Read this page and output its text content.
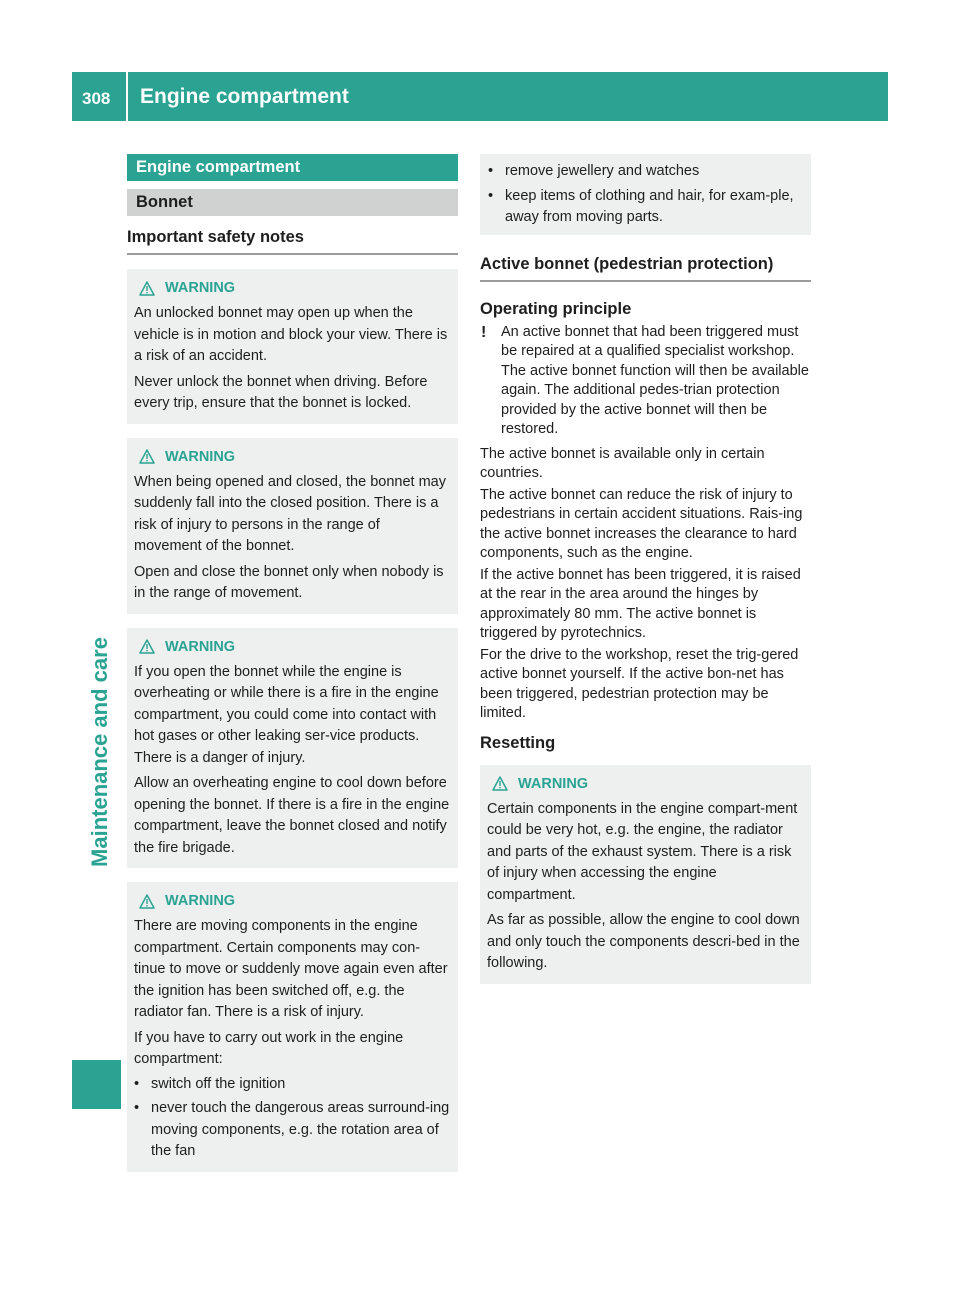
308 Engine compartment
Maintenance and care
Engine compartment
Bonnet
Important safety notes
WARNING
An unlocked bonnet may open up when the vehicle is in motion and block your view. There is a risk of an accident.
Never unlock the bonnet when driving. Before every trip, ensure that the bonnet is locked.
WARNING
When being opened and closed, the bonnet may suddenly fall into the closed position. There is a risk of injury to persons in the range of movement of the bonnet.
Open and close the bonnet only when nobody is in the range of movement.
WARNING
If you open the bonnet while the engine is overheating or while there is a fire in the engine compartment, you could come into contact with hot gases or other leaking ser-vice products. There is a danger of injury.
Allow an overheating engine to cool down before opening the bonnet. If there is a fire in the engine compartment, leave the bonnet closed and notify the fire brigade.
WARNING
There are moving components in the engine compartment. Certain components may con-tinue to move or suddenly move again even after the ignition has been switched off, e.g. the radiator fan. There is a risk of injury.
If you have to carry out work in the engine compartment:
• switch off the ignition
• never touch the dangerous areas surround-ing moving components, e.g. the rotation area of the fan
• remove jewellery and watches
• keep items of clothing and hair, for exam-ple, away from moving parts.
Active bonnet (pedestrian protection)
Operating principle
!	An active bonnet that had been triggered must be repaired at a qualified specialist workshop. The active bonnet function will then be available again. The additional pedes-trian protection provided by the active bonnet will then be restored.
The active bonnet is available only in certain countries.
The active bonnet can reduce the risk of injury to pedestrians in certain accident situations. Rais-ing the active bonnet increases the clearance to hard components, such as the engine.
If the active bonnet has been triggered, it is raised at the rear in the area around the hinges by approximately 80 mm. The active bonnet is triggered by pyrotechnics.
For the drive to the workshop, reset the trig-gered active bonnet yourself. If the active bon-net has been triggered, pedestrian protection may be limited.
Resetting
WARNING
Certain components in the engine compart-ment could be very hot, e.g. the engine, the radiator and parts of the exhaust system. There is a risk of injury when accessing the engine compartment.
As far as possible, allow the engine to cool down and only touch the components descri-bed in the following.
